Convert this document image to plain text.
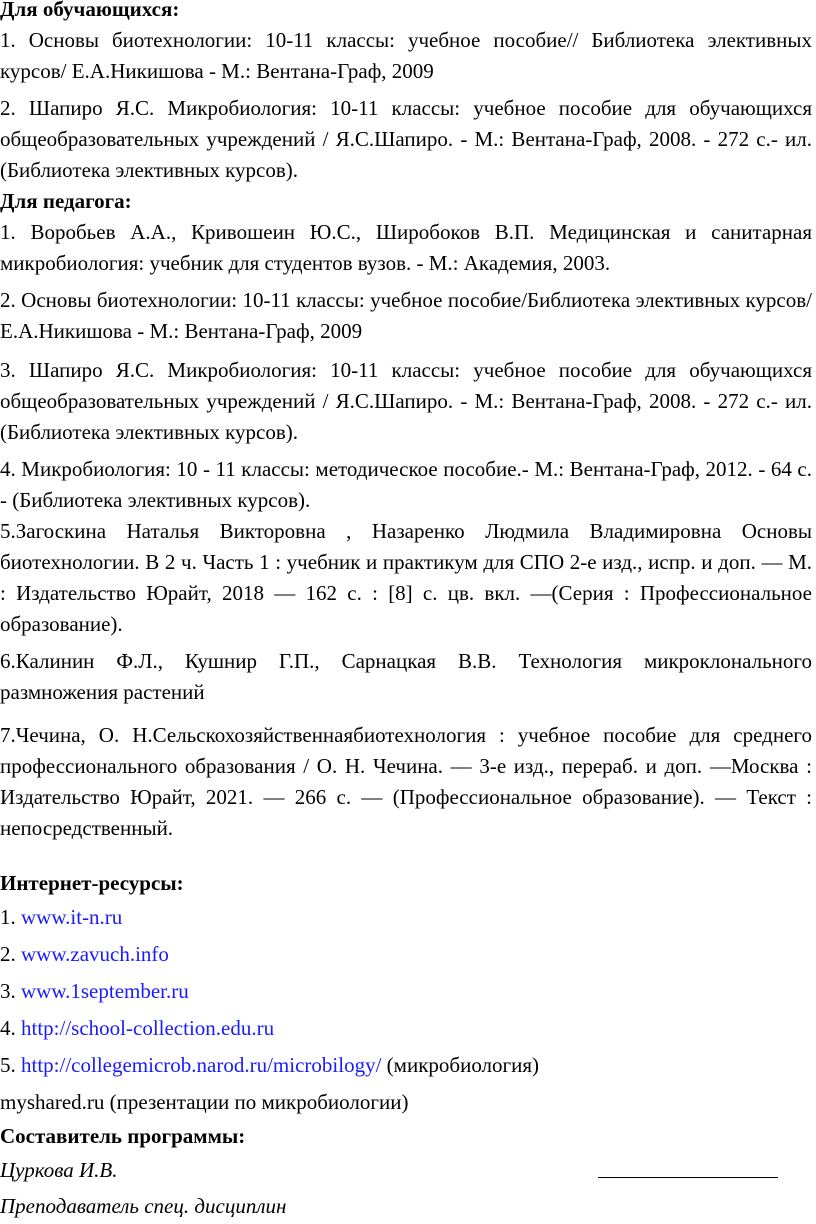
Для обучающихся:

1. Основы биотехнологии: 10-11 классы: учебное пособие// Библиотека элективных курсов/ Е.А.Никишова - М.: Вентана-Граф, 2009

2. Шапиро Я.С. Микробиология: 10-11 классы: учебное пособие для обучающихся общеобразовательных учреждений / Я.С.Шапиро. - М.: Вентана-Граф, 2008. - 272 с.- ил. (Библиотека элективных курсов).

Для педагога:

1. Воробьев А.А., Кривошеин Ю.С., Широбоков В.П. Медицинская и санитарная микробиология: учебник для студентов вузов. - М.: Академия, 2003.

2. Основы биотехнологии: 10-11 классы: учебное пособие/Библиотека элективных курсов/ Е.А.Никишова - М.: Вентана-Граф, 2009

3. Шапиро Я.С. Микробиология: 10-11 классы: учебное пособие для обучающихся общеобразовательных учреждений / Я.С.Шапиро. - М.: Вентана-Граф, 2008. - 272 с.- ил. (Библиотека элективных курсов).

4. Микробиология: 10 - 11 классы: методическое пособие.- М.: Вентана-Граф, 2012. - 64 с. - (Библиотека элективных курсов).

5.Загоскина Наталья Викторовна , Назаренко Людмила Владимировна Основы биотехнологии. В 2 ч. Часть 1 : учебник и практикум для СПО 2-е изд., испр. и доп. — М. : Издательство Юрайт, 2018 — 162 с. : [8] с. цв. вкл. —(Серия : Профессиональное образование).

6.Калинин Ф.Л., Кушнир Г.П., Сарнацкая В.В. Технология микроклонального размножения растений

7.Чечина, О. Н.Сельскохозяйственнаябиотехнология : учебное пособие для среднего профессионального образования / О. Н. Чечина. — 3-е изд., перераб. и доп. —Москва : Издательство Юрайт, 2021. — 266 с. — (Профессиональное образование). — Текст : непосредственный.

Интернет-ресурсы:

1. www.it-n.ru

2. www.zavuch.info

3. www.1september.ru

4. http://school-collection.edu.ru

5. http://collegemicrob.narod.ru/microbilogy/ (микробиология)

myshared.ru (презентации по микробиологии)

Составитель программы:

Цуркова И.В.

Преподаватель спец. дисциплин
